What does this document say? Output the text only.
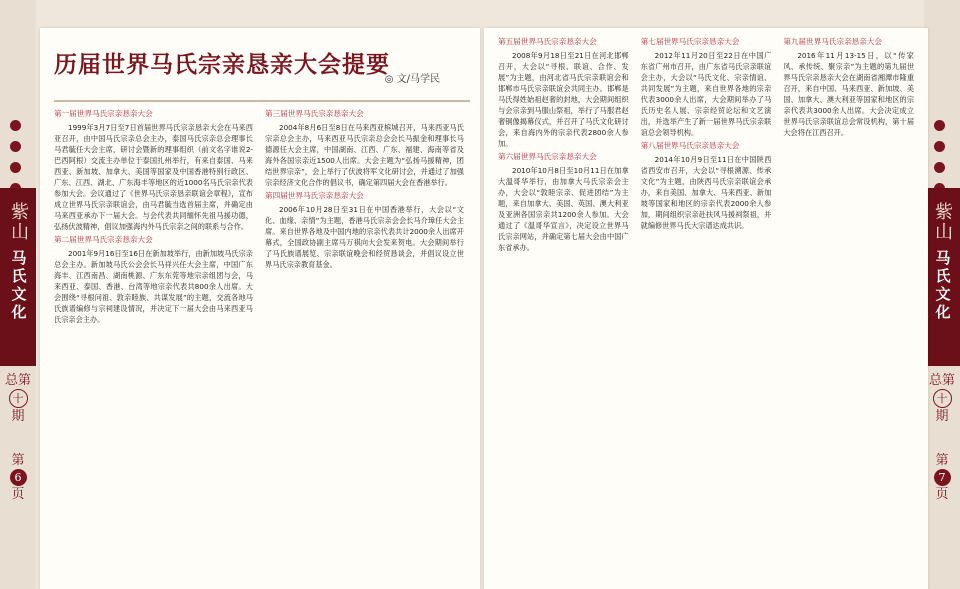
紫山
马氏文化
总第
十
期
第
6
页
紫山
马氏文化
总第
十
期
第
7
页
历届世界马氏宗亲恳亲大会提要
◎ 文/马学民
第一届世界马氏宗亲恳亲大会

1999年3月7日至7日首届世界马氏宗亲恳亲大会在马来西亚召开，由中国马氏宗亲总会主办，泰国马氏宗亲总会理事长马君毓任大会主席，研讨会暨新的理事组织（前文名字谁说2-巴西阿根）交流主办单位于泰国扎州举行，有来自泰国、马来西亚、新加坡、加拿大、美国等国家及中国香港特别行政区、广东、江西、湖北、广东海丰等地区的近1000名马氏宗亲代表参加大会。会议通过了《世界马氏宗亲恳亲联谊会章程》，宣布成立世界马氏宗亲联谊会，由马君毓当选首届主席，并确定由马来西亚承办下一届大会。与会代表共同缅怀先祖马援功德，弘扬伏波精神，倡议加强海内外马氏宗亲之间的联系与合作。

第二届世界马氏宗亲恳亲大会

2001年9月16日至16日在新加坡举行，由新加坡马氏宗亲总会主办。新加坡马氏公会会长马祥兴任大会主席，中国广东海丰、江西南昌、湖南桃源、广东东莞等地宗亲组团与会，马来西亚、泰国、香港、台湾等地宗亲代表共800余人出席。大会围绕“寻根问祖、敦亲睦族、共谋发展”的主题，交流各地马氏族谱编修与宗祠建设情况，并决定下一届大会由马来西亚马氏宗亲会主办。

第三届世界马氏宗亲恳亲大会

2004年8月6日至8日在马来西亚槟城召开，马来西亚马氏宗亲总会主办，马来西亚马氏宗亲总会会长马振金和理事长马德源任大会主席，中国湖南、江西、广东、福建、海南等省及海外各国宗亲近1500人出席。大会主题为“弘扬马援精神，团结世界宗亲”，会上举行了伏波将军文化研讨会，并通过了加强宗亲经济文化合作的倡议书，确定第四届大会在香港举行。

第四届世界马氏宗亲恳亲大会

2006年10月28日至31日在中国香港举行，大会以“文化、血缘、亲情”为主题，香港马氏宗亲会会长马介璋任大会主席。来自世界各地及中国内地的宗亲代表共计2000余人出席开幕式，全国政协副主席马万祺向大会发来贺电。大会期间举行了马氏族谱展览、宗亲联谊晚会和经贸恳谈会，并倡议设立世界马氏宗亲教育基金。

第五届世界马氏宗亲恳亲大会

2008年9月18日至21日在河北邯郸召开，大会以“寻根、联谊、合作、发展”为主题，由河北省马氏宗亲联谊会和邯郸市马氏宗亲联谊会共同主办。邯郸是马氏得姓始祖赵奢的封地，大会期间组织与会宗亲到马服山祭祖，举行了马服君赵奢铜像揭幕仪式，并召开了马氏文化研讨会，来自海内外的宗亲代表2800余人参加。

第六届世界马氏宗亲恳亲大会

2010年10月8日至10月11日在加拿大温哥华举行，由加拿大马氏宗亲会主办，大会以“敦睦宗亲、促进团结”为主题，来自加拿大、美国、英国、澳大利亚及亚洲各国宗亲共1200余人参加。大会通过了《温哥华宣言》，决定设立世界马氏宗亲网站，并确定第七届大会由中国广东省承办。

第七届世界马氏宗亲恳亲大会

2012年11月20日至22日在中国广东省广州市召开，由广东省马氏宗亲联谊会主办，大会以“马氏文化、宗亲情谊、共同发展”为主题，来自世界各地的宗亲代表3000余人出席，大会期间举办了马氏历史名人展、宗亲经贸论坛和文艺演出，并选举产生了新一届世界马氏宗亲联谊总会领导机构。

第八届世界马氏宗亲恳亲大会

2014年10月9日至11日在中国陕西省西安市召开，大会以“寻根溯源、传承文化”为主题，由陕西马氏宗亲联谊会承办，来自美国、加拿大、马来西亚、新加坡等国家和地区的宗亲代表2000余人参加，期间组织宗亲赴扶风马援祠祭祖，并就编修世界马氏大宗谱达成共识。

第九届世界马氏宗亲恳亲大会

2016年11月13-15日，以“传家风、承传统、聚宗亲”为主题的第九届世界马氏宗亲恳亲大会在湖南省湘潭市隆重召开，来自中国、马来西亚、新加坡、美国、加拿大、澳大利亚等国家和地区的宗亲代表共3000余人出席。大会决定成立世界马氏宗亲联谊总会常设机构，第十届大会将在江西召开。
